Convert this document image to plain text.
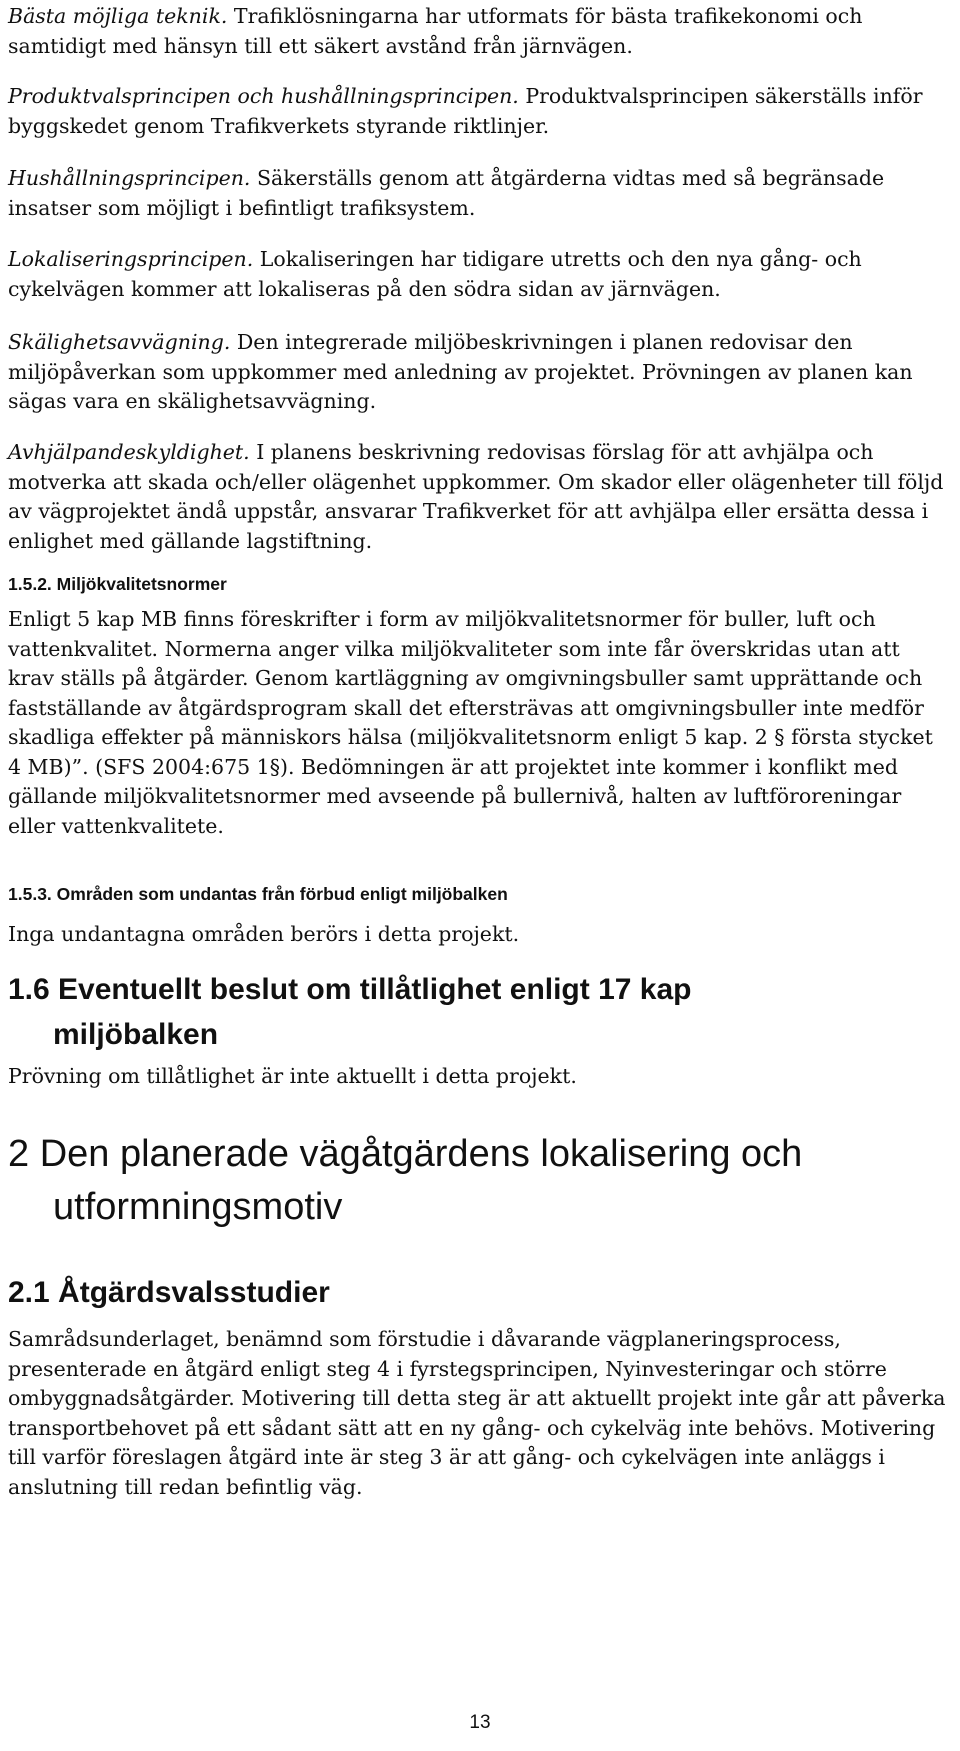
Bästa möjliga teknik. Trafiklösningarna har utformats för bästa trafikekonomi och samtidigt med hänsyn till ett säkert avstånd från järnvägen.

Produktvalsprincipen och hushållningsprincipen. Produktvalsprincipen säkerställs inför byggskedet genom Trafikverkets styrande riktlinjer.

Hushållningsprincipen. Säkerställs genom att åtgärderna vidtas med så begränsade insatser som möjligt i befintligt trafiksystem.

Lokaliseringsprincipen. Lokaliseringen har tidigare utretts och den nya gång- och cykelvägen kommer att lokaliseras på den södra sidan av järnvägen.

Skälighetsavvägning. Den integrerade miljöbeskrivningen i planen redovisar den miljöpåverkan som uppkommer med anledning av projektet. Prövningen av planen kan sägas vara en skälighetsavvägning.

Avhjälpandeskyldighet. I planens beskrivning redovisas förslag för att avhjälpa och motverka att skada och/eller olägenhet uppkommer. Om skador eller olägenheter till följd av vägprojektet ändå uppstår, ansvarar Trafikverket för att avhjälpa eller ersätta dessa i enlighet med gällande lagstiftning.

1.5.2. Miljökvalitetsnormer

Enligt 5 kap MB finns föreskrifter i form av miljökvalitetsnormer för buller, luft och vattenkvalitet. Normerna anger vilka miljökvaliteter som inte får överskridas utan att krav ställs på åtgärder. Genom kartläggning av omgivningsbuller samt upprättande och fastställande av åtgärdsprogram skall det eftersträvas att omgivningsbuller inte medför skadliga effekter på människors hälsa (miljökvalitetsnorm enligt 5 kap. 2 § första stycket 4 MB)”. (SFS 2004:675 1§). Bedömningen är att projektet inte kommer i konflikt med gällande miljökvalitetsnormer med avseende på bullernivå, halten av luftföroreningar eller vattenkvalitete.

1.5.3. Områden som undantas från förbud enligt miljöbalken

Inga undantagna områden berörs i detta projekt.

1.6 Eventuellt beslut om tillåtlighet enligt 17 kap
miljöbalken

Prövning om tillåtlighet är inte aktuellt i detta projekt.

2 Den planerade vägåtgärdens lokalisering och
utformningsmotiv
2.1 Åtgärdsvalsstudier

Samrådsunderlaget, benämnd som förstudie i dåvarande vägplaneringsprocess, presenterade en åtgärd enligt steg 4 i fyrstegsprincipen, Nyinvesteringar och större ombyggnadsåtgärder. Motivering till detta steg är att aktuellt projekt inte går att påverka transportbehovet på ett sådant sätt att en ny gång- och cykelväg inte behövs. Motivering till varför föreslagen åtgärd inte är steg 3 är att gång- och cykelvägen inte anläggs i anslutning till redan befintlig väg.

13
